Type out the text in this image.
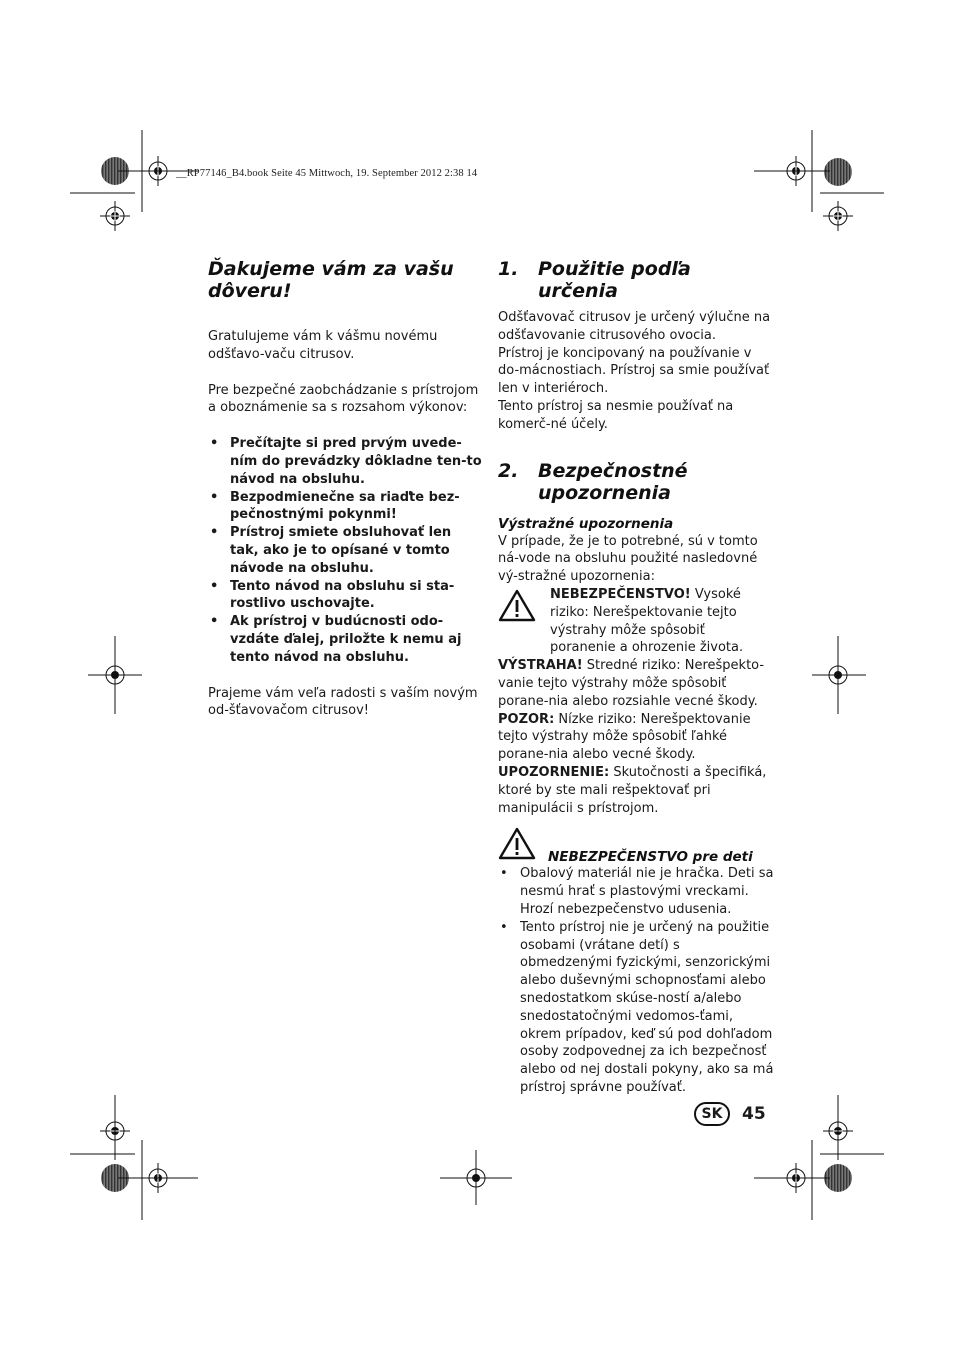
__RP77146_B4.book Seite 45 Mittwoch, 19. September 2012 2:38 14
Ďakujeme vám za vašu dôveru!

Gratulujeme vám k vášmu novému odšťavo-vaču citrusov.

Pre bezpečné zaobchádzanie s prístrojom a oboznámenie sa s rozsahom výkonov:

• Prečítajte si pred prvým uvede-ním do prevádzky dôkladne ten-to návod na obsluhu.
• Bezpodmienečne sa riaďte bez-pečnostnými pokynmi!
• Prístroj smiete obsluhovať len tak, ako je to opísané v tomto návode na obsluhu.
• Tento návod na obsluhu si sta-rostlivo uschovajte.
• Ak prístroj v budúcnosti odo-vzdáte ďalej, priložte k nemu aj tento návod na obsluhu.

Prajeme vám veľa radosti s vaším novým od-šťavovačom citrusov!

1.	Použitie podľa určenia

Odšťavovač citrusov je určený výlučne na odšťavovanie citrusového ovocia.

Prístroj je koncipovaný na používanie v do-mácnostiach. Prístroj sa smie používať len v interiéroch.

Tento prístroj sa nesmie používať na komerč-né účely.

2.	Bezpečnostné upozornenia
Výstražné upozornenia

V prípade, že je to potrebné, sú v tomto ná-vode na obsluhu použité nasledovné vý-stražné upozornenia:

NEBEZPEČENSTVO! Vysoké riziko: Nerešpektovanie tejto výstrahy môže spôsobiť poranenie a ohrozenie života.

VÝSTRAHA! Stredné riziko: Nerešpekto-vanie tejto výstrahy môže spôsobiť porane-nia alebo rozsiahle vecné škody.

POZOR: Nízke riziko: Nerešpektovanie tejto výstrahy môže spôsobiť ľahké porane-nia alebo vecné škody.

UPOZORNENIE: Skutočnosti a špecifiká, ktoré by ste mali rešpektovať pri manipulácii s prístrojom.

NEBEZPEČENSTVO pre deti
• Obalový materiál nie je hračka. Deti sa nesmú hrať s plastovými vreckami. Hrozí nebezpečenstvo udusenia.
• Tento prístroj nie je určený na použitie osobami (vrátane detí) s obmedzenými fyzickými, senzorickými alebo duševnými schopnosťami alebo snedostatkom skúse-ností a/alebo snedostatočnými vedomos-ťami, okrem prípadov, keď sú pod dohľadom osoby zodpovednej za ich bezpečnosť alebo od nej dostali pokyny, ako sa má prístroj správne používať.
SK	45
